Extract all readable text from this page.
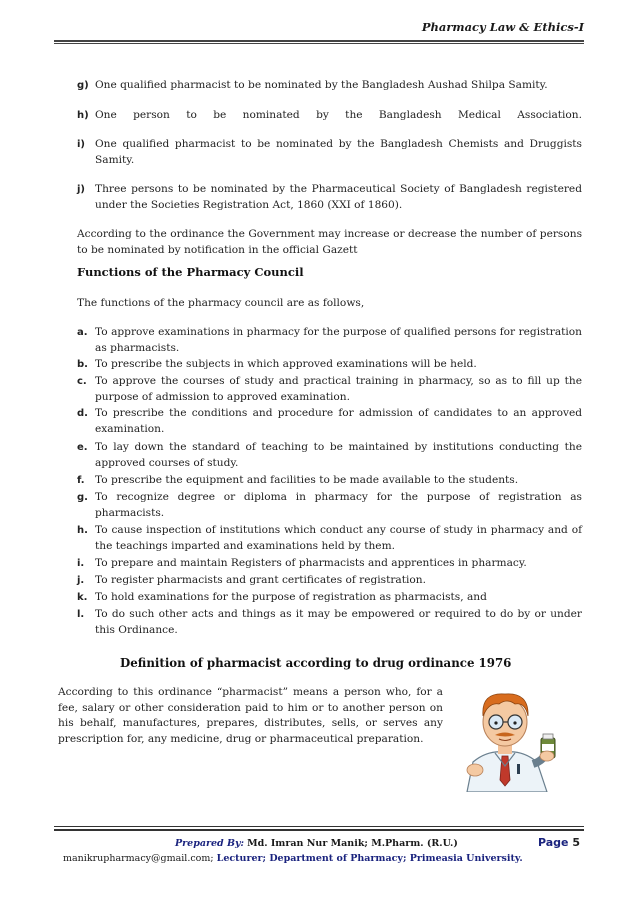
Pharmacy Law & Ethics-I
g) One qualified pharmacist to be nominated by the Bangladesh Aushad Shilpa Samity.
h) One person to be nominated by the Bangladesh Medical Association.
i) One qualified pharmacist to be nominated by the Bangladesh Chemists and Druggists Samity.
j) Three persons to be nominated by the Pharmaceutical Society of Bangladesh registered under the Societies Registration Act, 1860 (XXI of 1860).
According to the ordinance the Government may increase or decrease the number of persons to be nominated by notification in the official Gazett
Functions of the Pharmacy Council
The functions of the pharmacy council are as follows,
a. To approve examinations in pharmacy for the purpose of qualified persons for registration as pharmacists.
b. To prescribe the subjects in which approved examinations will be held.
c. To approve the courses of study and practical training in pharmacy, so as to fill up the purpose of admission to approved examination.
d. To prescribe the conditions and procedure for admission of candidates to an approved examination.
e. To lay down the standard of teaching to be maintained by institutions conducting the approved courses of study.
f. To prescribe the equipment and facilities to be made available to the students.
g. To recognize degree or diploma in pharmacy for the purpose of registration as pharmacists.
h. To cause inspection of institutions which conduct any course of study in pharmacy and of the teachings imparted and examinations held by them.
i. To prepare and maintain Registers of pharmacists and apprentices in pharmacy.
j. To register pharmacists and grant certificates of registration.
k. To hold examinations for the purpose of registration as pharmacists, and
l. To do such other acts and things as it may be empowered or required to do by or under this Ordinance.
Definition of pharmacist according to drug ordinance 1976
According to this ordinance “pharmacist” means a person who, for a fee, salary or other consideration paid to him or to another person on his behalf, manufactures, prepares, distributes, sells, or serves any prescription for, any medicine, drug or pharmaceutical preparation.
Prepared By: Md. Imran Nur Manik; M.Pharm. (R.U.)	Page 5
manikrupharmacy@gmail.com; Lecturer; Department of Pharmacy; Primeasia University.
